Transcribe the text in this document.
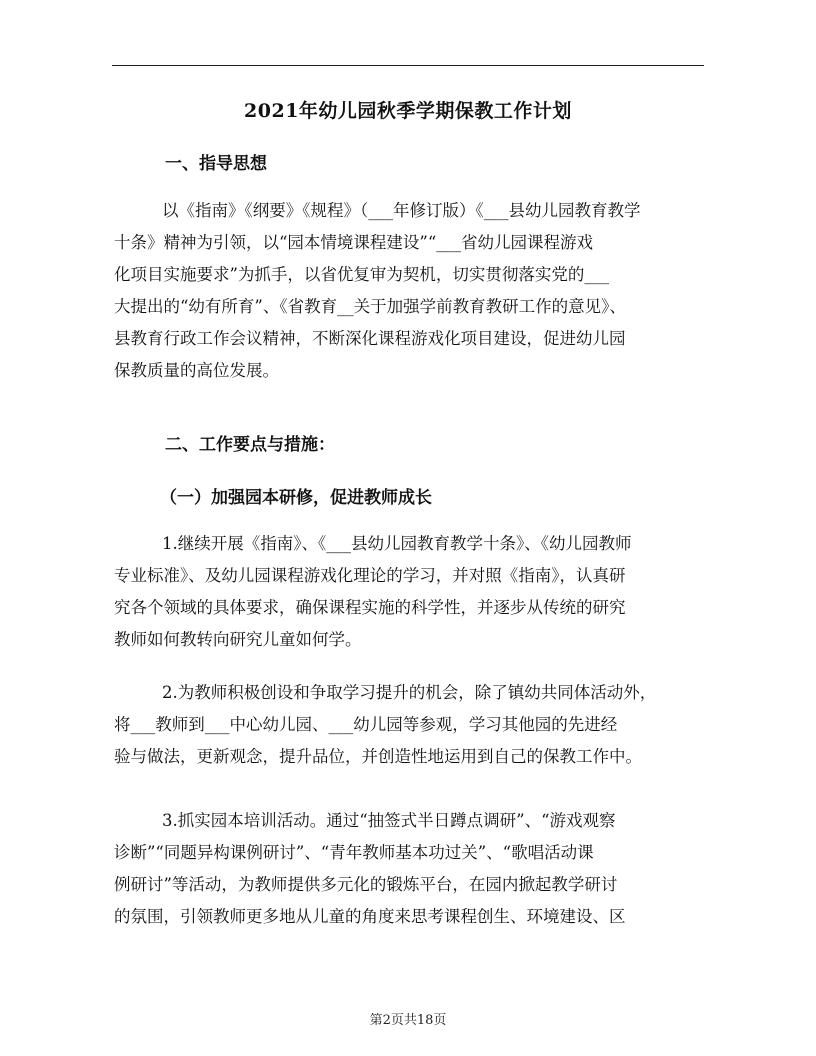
2021年幼儿园秋季学期保教工作计划
一、指导思想
以《指南》《纲要》《规程》（___年修订版）《___县幼儿园教育教学
十条》精神为引领，以“园本情境课程建设”“___省幼儿园课程游戏
化项目实施要求”为抓手，以省优复审为契机，切实贯彻落实党的___
大提出的“幼有所育”、《省教育__关于加强学前教育教研工作的意见》、
县教育行政工作会议精神，不断深化课程游戏化项目建设，促进幼儿园
保教质量的高位发展。
二、工作要点与措施：
（一）加强园本研修，促进教师成长
1.继续开展《指南》、《___县幼儿园教育教学十条》、《幼儿园教师
专业标准》、及幼儿园课程游戏化理论的学习，并对照《指南》，认真研
究各个领域的具体要求，确保课程实施的科学性，并逐步从传统的研究
教师如何教转向研究儿童如何学。
2.为教师积极创设和争取学习提升的机会，除了镇幼共同体活动外，
将___教师到___中心幼儿园、___幼儿园等参观，学习其他园的先进经
验与做法，更新观念，提升品位，并创造性地运用到自己的保教工作中。
3.抓实园本培训活动。通过“抽签式半日蹲点调研”、“游戏观察
诊断”“同题异构课例研讨”、“青年教师基本功过关”、“歌唱活动课
例研讨”等活动，为教师提供多元化的锻炼平台，在园内掀起教学研讨
的氛围，引领教师更多地从儿童的角度来思考课程创生、环境建设、区
第2页共18页
